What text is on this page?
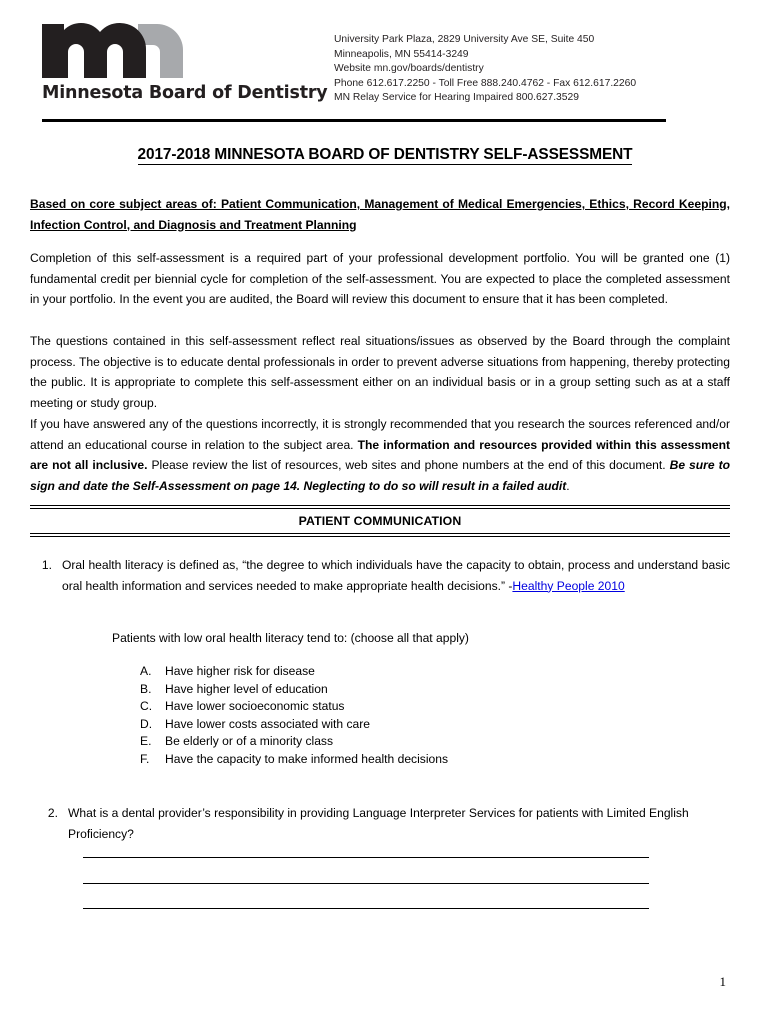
Minnesota Board of Dentistry
University Park Plaza, 2829 University Ave SE, Suite 450
Minneapolis, MN 55414-3249
Website mn.gov/boards/dentistry
Phone 612.617.2250 - Toll Free 888.240.4762 - Fax 612.617.2260
MN Relay Service for Hearing Impaired 800.627.3529
2017-2018 MINNESOTA BOARD OF DENTISTRY SELF-ASSESSMENT
Based on core subject areas of: Patient Communication, Management of Medical Emergencies, Ethics, Record Keeping, Infection Control, and Diagnosis and Treatment Planning
Completion of this self-assessment is a required part of your professional development portfolio. You will be granted one (1) fundamental credit per biennial cycle for completion of the self-assessment. You are expected to place the completed assessment in your portfolio. In the event you are audited, the Board will review this document to ensure that it has been completed.
The questions contained in this self-assessment reflect real situations/issues as observed by the Board through the complaint process. The objective is to educate dental professionals in order to prevent adverse situations from happening, thereby protecting the public. It is appropriate to complete this self-assessment either on an individual basis or in a group setting such as at a staff meeting or study group.
If you have answered any of the questions incorrectly, it is strongly recommended that you research the sources referenced and/or attend an educational course in relation to the subject area. The information and resources provided within this assessment are not all inclusive. Please review the list of resources, web sites and phone numbers at the end of this document. Be sure to sign and date the Self-Assessment on page 14. Neglecting to do so will result in a failed audit.
PATIENT COMMUNICATION
1. Oral health literacy is defined as, “the degree to which individuals have the capacity to obtain, process and understand basic oral health information and services needed to make appropriate health decisions.” -Healthy People 2010
Patients with low oral health literacy tend to: (choose all that apply)
A.	Have higher risk for disease
B.	Have higher level of education
C.	Have lower socioeconomic status
D.	Have lower costs associated with care
E.	Be elderly or of a minority class
F.	Have the capacity to make informed health decisions
2. What is a dental provider’s responsibility in providing Language Interpreter Services for patients with Limited English Proficiency?
1
